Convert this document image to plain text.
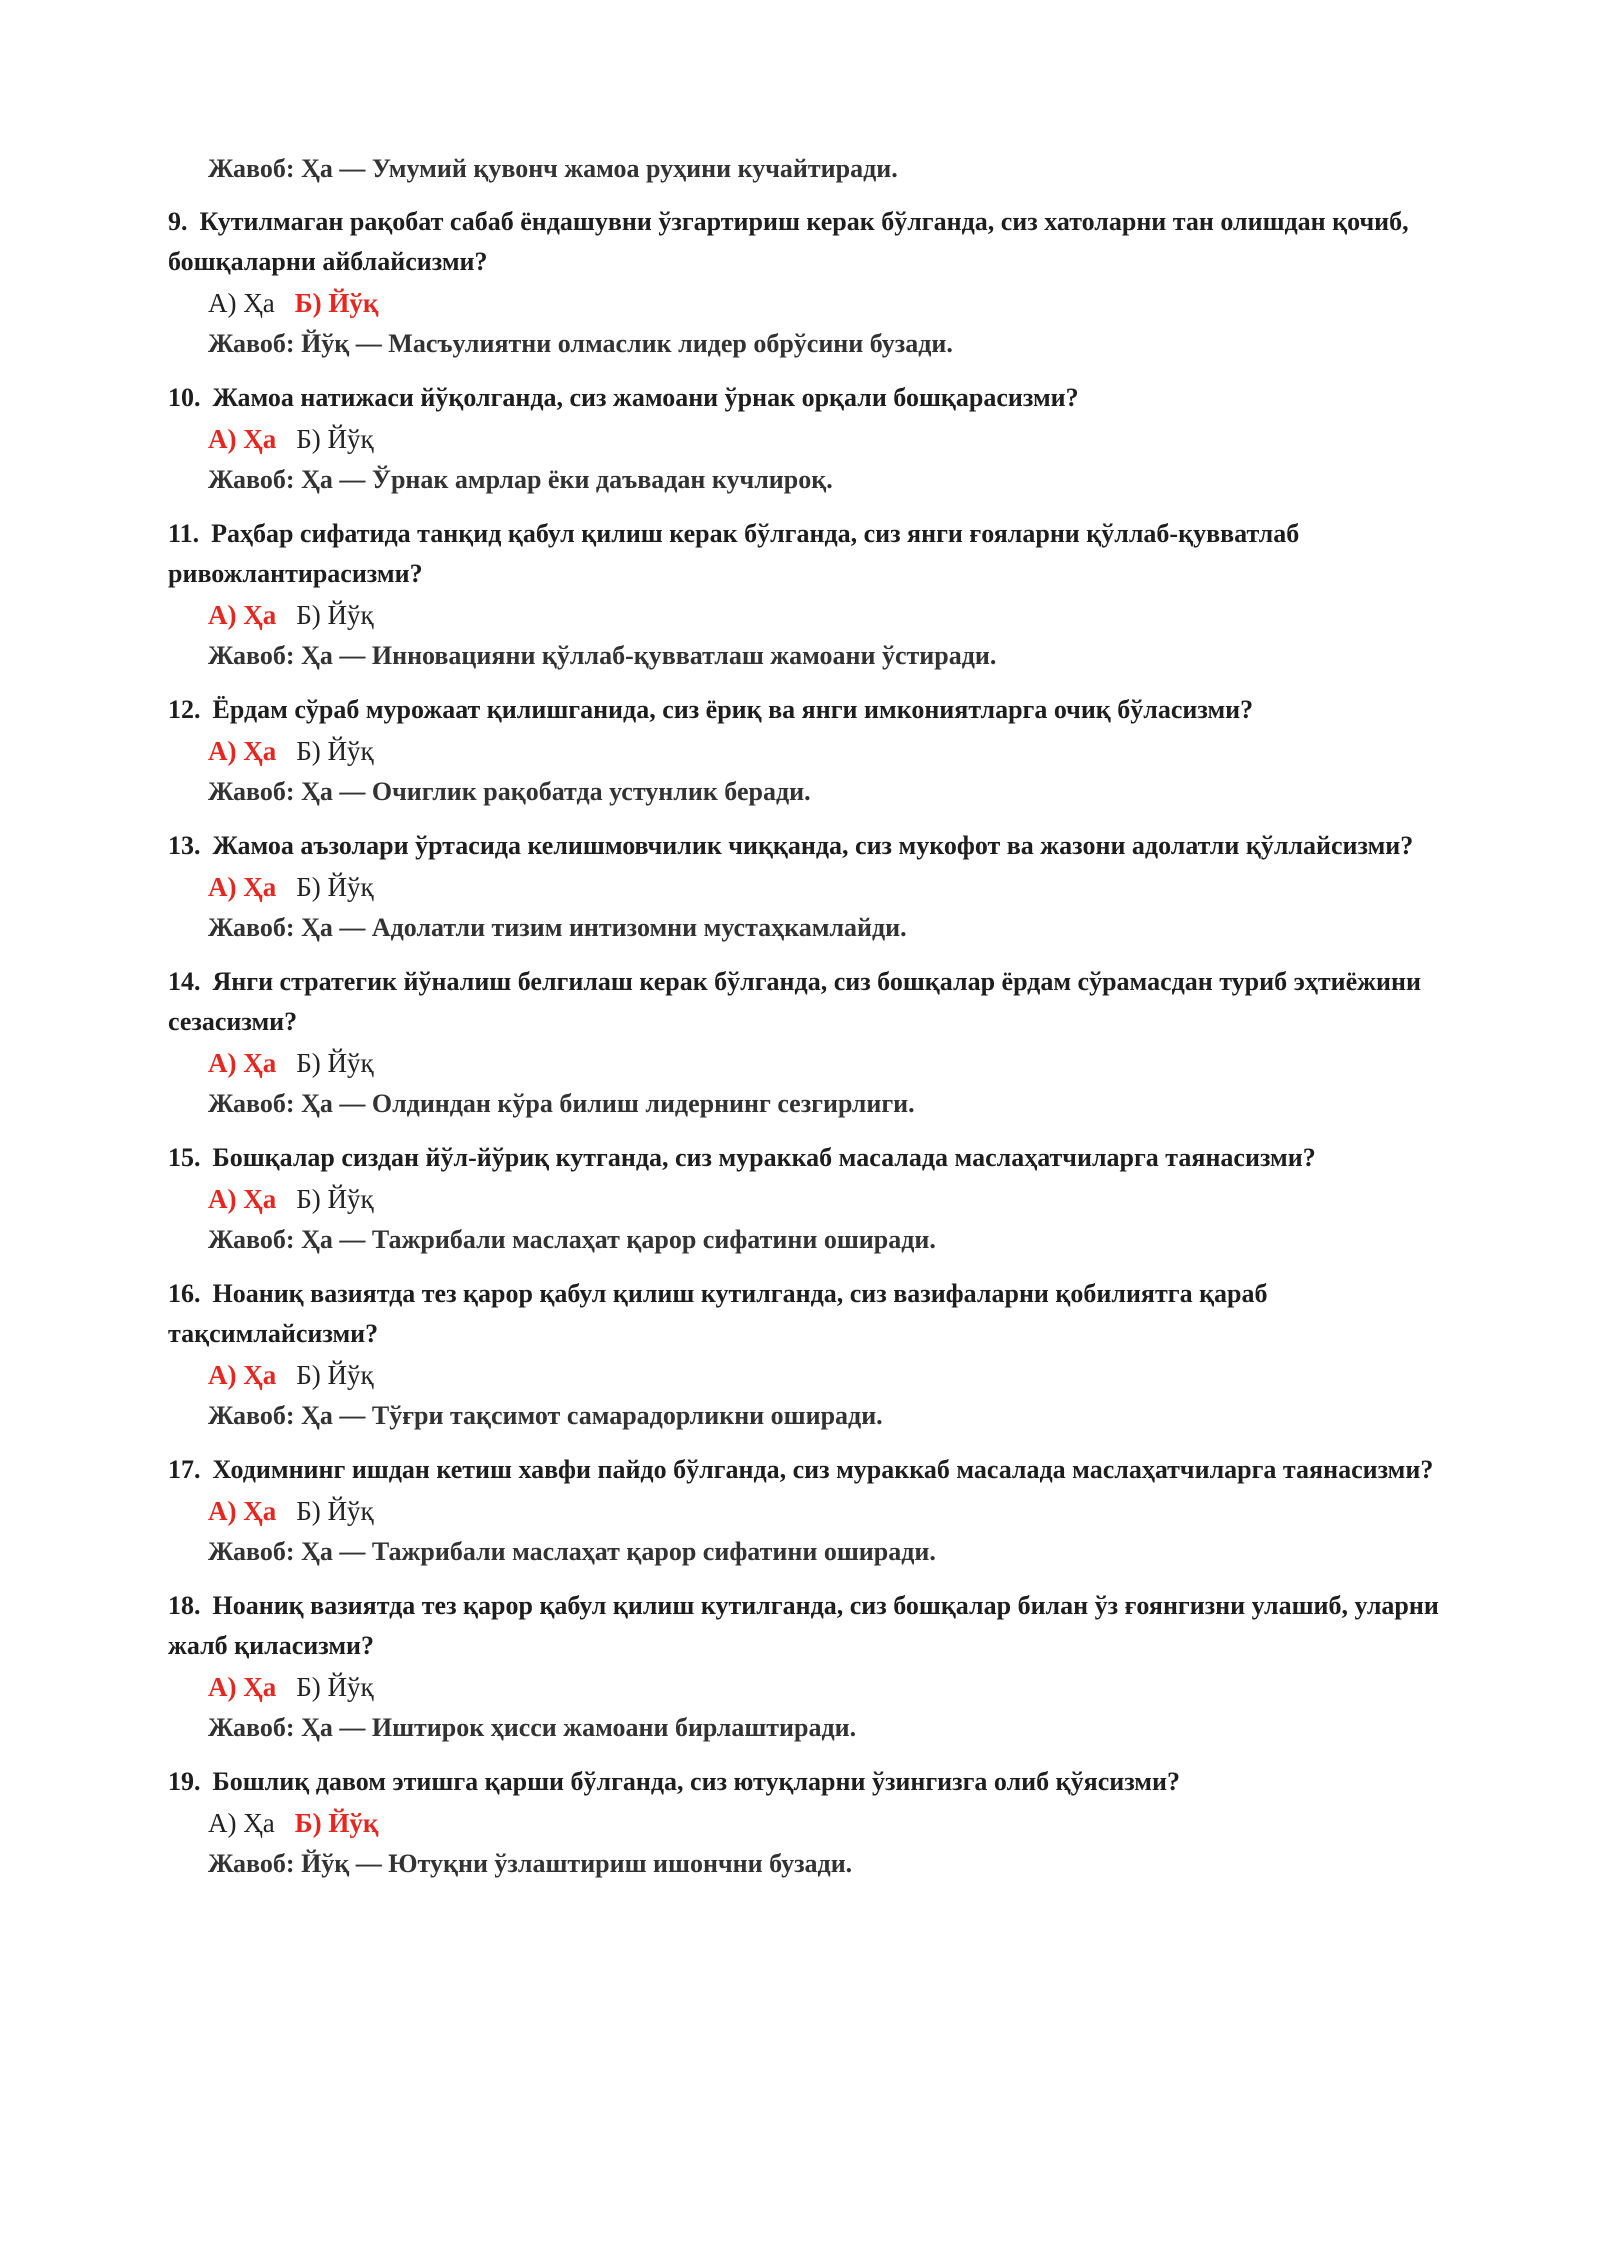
Жавоб: Ҳа — Умумий қувонч жамоа руҳини кучайтиради.
9. Кутилмаган рақобат сабаб ёндашувни ўзгартириш керак бўлганда, сиз хатоларни тан олишдан қочиб, бошқаларни айблайсизми?
А) Ҳа Б) Йўқ
Жавоб: Йўқ — Масъулиятни олмаслик лидер обрўсини бузади.
10. Жамоа натижаси йўқолганда, сиз жамоани ўрнак орқали бошқарасизми?
А) Ҳа Б) Йўқ
Жавоб: Ҳа — Ўрнак амрлар ёки даъвадан кучлироқ.
11. Раҳбар сифатида танқид қабул қилиш керак бўлганда, сиз янги ғояларни қўллаб-қувватлаб ривожлантирасизми?
А) Ҳа Б) Йўқ
Жавоб: Ҳа — Инновацияни қўллаб-қувватлаш жамоани ўстиради.
12. Ёрдам сўраб мурожаат қилишганида, сиз ёриқ ва янги имкониятларга очиқ бўласизми?
А) Ҳа Б) Йўқ
Жавоб: Ҳа — Очиглик рақобатда устунлик беради.
13. Жамоа аъзолари ўртасида келишмовчилик чиққанда, сиз мукофот ва жазони адолатли қўллайсизми?
А) Ҳа Б) Йўқ
Жавоб: Ҳа — Адолатли тизим интизомни мустаҳкамлайди.
14. Янги стратегик йўналиш белгилаш керак бўлганда, сиз бошқалар ёрдам сўрамасдан туриб эҳтиёжини сезасизми?
А) Ҳа Б) Йўқ
Жавоб: Ҳа — Олдиндан кўра билиш лидернинг сезгирлиги.
15. Бошқалар сиздан йўл-йўриқ кутганда, сиз мураккаб масалада маслаҳатчиларга таянасизми?
А) Ҳа Б) Йўқ
Жавоб: Ҳа — Тажрибали маслаҳат қарор сифатини оширади.
16. Ноаниқ вазиятда тез қарор қабул қилиш кутилганда, сиз вазифаларни қобилиятга қараб тақсимлайсизми?
А) Ҳа Б) Йўқ
Жавоб: Ҳа — Тўғри тақсимот самарадорликни оширади.
17. Ходимнинг ишдан кетиш хавфи пайдо бўлганда, сиз мураккаб масалада маслаҳатчиларга таянасизми?
А) Ҳа Б) Йўқ
Жавоб: Ҳа — Тажрибали маслаҳат қарор сифатини оширади.
18. Ноаниқ вазиятда тез қарор қабул қилиш кутилганда, сиз бошқалар билан ўз ғоянгизни улашиб, уларни жалб қиласизми?
А) Ҳа Б) Йўқ
Жавоб: Ҳа — Иштирок ҳисси жамоани бирлаштиради.
19. Бошлиқ давом этишга қарши бўлганда, сиз ютуқларни ўзингизга олиб қўясизми?
А) Ҳа Б) Йўқ
Жавоб: Йўқ — Ютуқни ўзлаштириш ишончни бузади.
